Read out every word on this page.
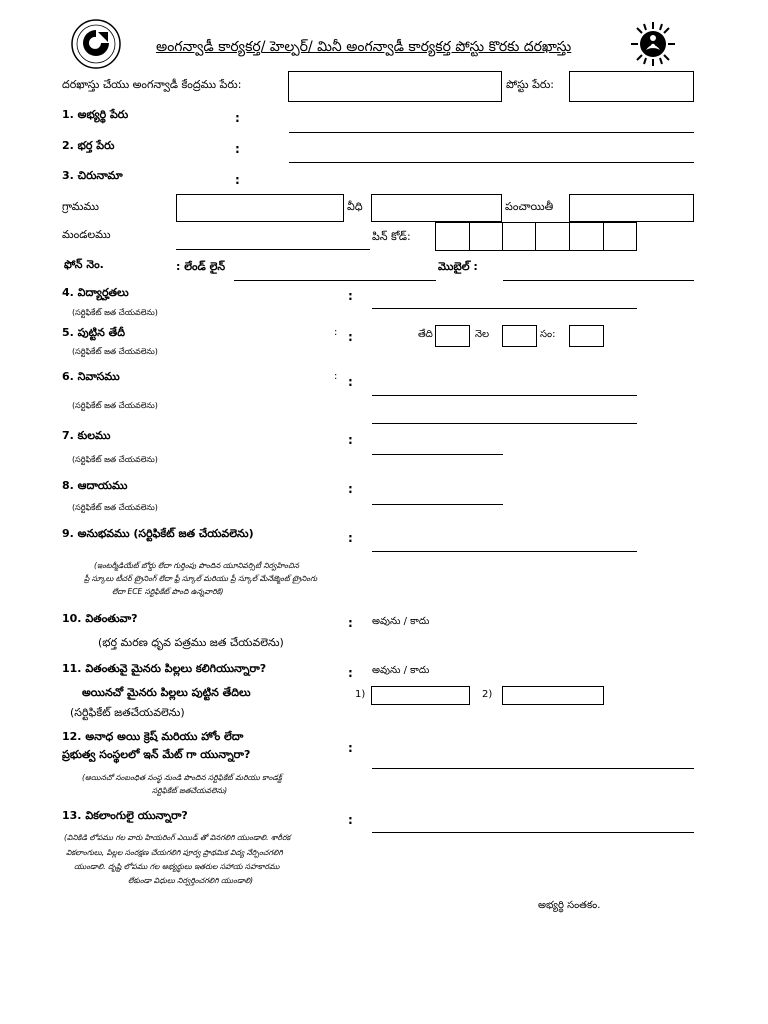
అంగన్వాడీ కార్యకర్త/ హెల్పర్/ మినీ అంగన్వాడీ కార్యకర్త పోస్టు కొరకు దరఖాస్తు
దరఖాస్తు చేయు అంగన్వాడీ కేంద్రము పేరు:	పోస్టు పేరు:
1. అభ్యర్థి పేరు	:
2. భర్త పేరు	:
3. చిరునామా	:
గ్రామము	వీధి	పంచాయితీ
మండలము	పిన్ కోడ్:
ఫోన్ నెం.	: లేండ్ లైన్	మొబైల్ :
4. విద్యార్హతలు	:
(సర్టిఫికేట్ జత చేయవలెను)
5. పుట్టిన తేదీ	: :
(సర్టిఫికేట్ జత చేయవలెను)
తేది	నెల	సం:
6. నివాసము	: :
(సర్టిఫికేట్ జత చేయవలెను)
7. కులము	:
(సర్టిఫికేట్ జత చేయవలెను)
8. ఆదాయము	:
(సర్టిఫికేట్ జత చేయవలెను)
9. అనుభవము (సర్టిఫికేట్ జత చేయవలెను)	:
(ఇంటర్మీడియేట్ బోర్డు లేదా గుర్తింపు పొందిన యూనివర్సిటీ నిర్వహించిన
ప్రీ స్కూలు టీచర్ ట్రైనింగ్ లేదా ఫ్రీ స్కూల్ మరియు ప్రీ స్కూల్ మేనేజ్మెంట్ ట్రైనింగు
లేదా ECE సర్టిఫికేట్ పొంది ఉన్నవారికి)
10. వితంతువా?	: అవును / కాదు
(భర్త మరణ ధృవ పత్రము జత చేయవలెను)
11. వితంతువై మైనరు పిల్లలు కలిగియున్నారా?	: అవును / కాదు
అయినచో మైనరు పిల్లలు పుట్టిన తేదిలు	1)	2)
(సర్టిఫికేట్ జతచేయవలెను)
12. అనాధ అయి క్రెష్ మరియు హోం లేదా
ప్రభుత్వ సంస్థలలో ఇన్ మేట్ గా యున్నారా?	:
(అయినచో సంబంధిత సంస్థ నుండి పొందిన సర్టిఫికేట్ మరియు కాండక్ట్
సర్టిఫికేట్ జతచేయవలెను)
13. వికలాంగులై యున్నారా?	:
(వినికిడి లోపము గల వారు హియరింగ్ ఎయిడ్ తో వినగలిగి యుండాలి. శారీరక
వికలాంగులు, పిల్లల సంరక్షణ చేయగలిగి పూర్వ ప్రాథమిక విద్య నేర్పించగలిగి
యుండాలి. దృష్టి లోపము గల అభ్యర్థులు ఇతరుల సహాయ సహకారము
లేకుండా విధులు నిర్వర్తించగలిగి యుండాలి)
అభ్యర్థి సంతకం.
